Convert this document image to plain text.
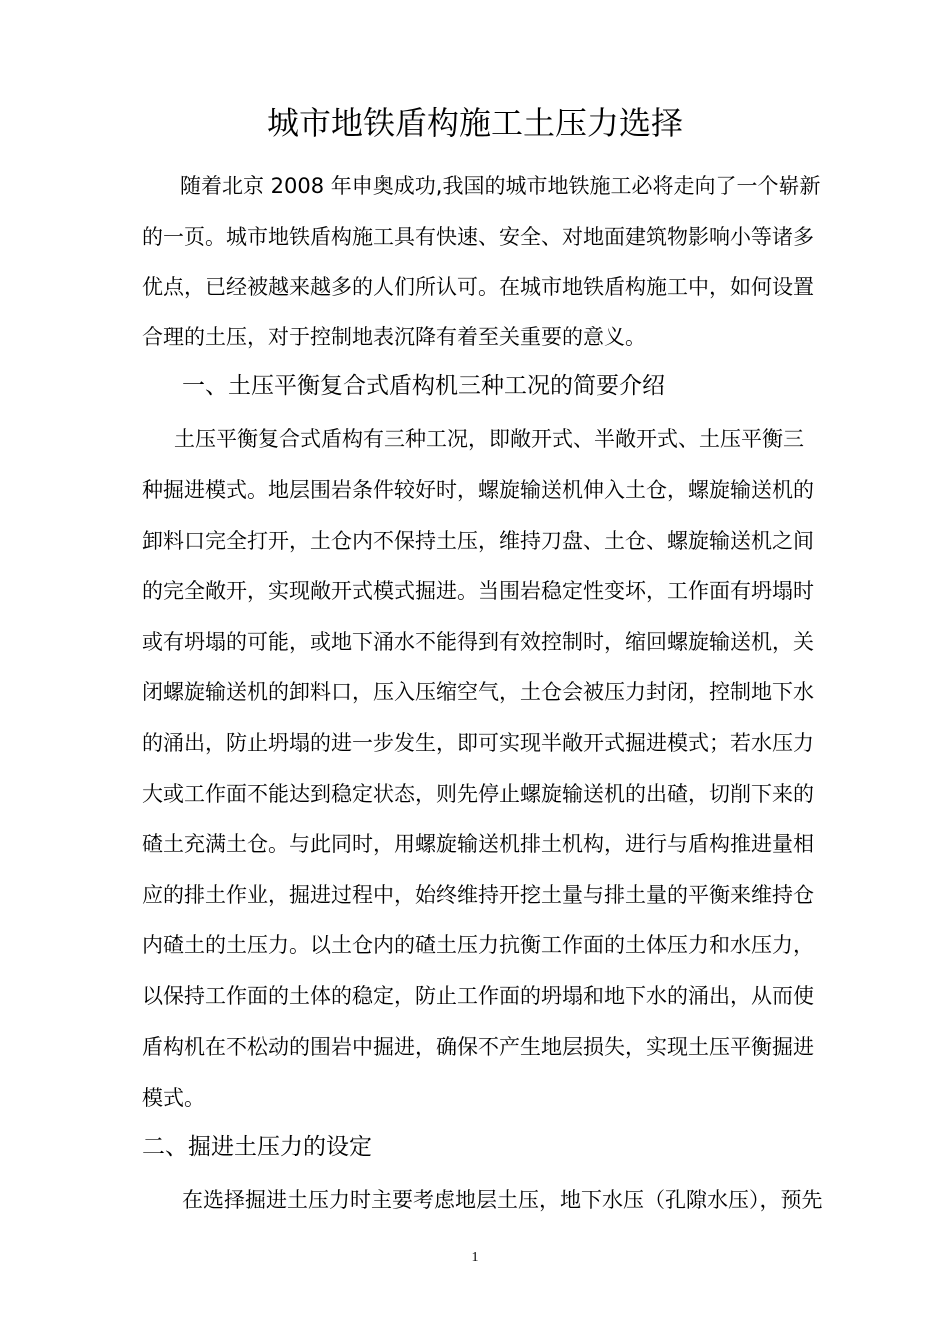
城市地铁盾构施工土压力选择
随着北京 2008 年申奥成功,我国的城市地铁施工必将走向了一个崭新
的一页。城市地铁盾构施工具有快速、安全、对地面建筑物影响小等诸多
优点，已经被越来越多的人们所认可。在城市地铁盾构施工中，如何设置
合理的土压，对于控制地表沉降有着至关重要的意义。
一、土压平衡复合式盾构机三种工况的简要介绍
土压平衡复合式盾构有三种工况，即敞开式、半敞开式、土压平衡三
种掘进模式。地层围岩条件较好时，螺旋输送机伸入土仓，螺旋输送机的
卸料口完全打开，土仓内不保持土压，维持刀盘、土仓、螺旋输送机之间
的完全敞开，实现敞开式模式掘进。当围岩稳定性变坏，工作面有坍塌时
或有坍塌的可能，或地下涌水不能得到有效控制时，缩回螺旋输送机，关
闭螺旋输送机的卸料口，压入压缩空气，土仓会被压力封闭，控制地下水
的涌出，防止坍塌的进一步发生，即可实现半敞开式掘进模式；若水压力
大或工作面不能达到稳定状态，则先停止螺旋输送机的出碴，切削下来的
碴土充满土仓。与此同时，用螺旋输送机排土机构，进行与盾构推进量相
应的排土作业，掘进过程中，始终维持开挖土量与排土量的平衡来维持仓
内碴土的土压力。以土仓内的碴土压力抗衡工作面的土体压力和水压力，
以保持工作面的土体的稳定，防止工作面的坍塌和地下水的涌出，从而使
盾构机在不松动的围岩中掘进，确保不产生地层损失，实现土压平衡掘进
模式。
二、掘进土压力的设定
在选择掘进土压力时主要考虑地层土压，地下水压（孔隙水压），预先
1
